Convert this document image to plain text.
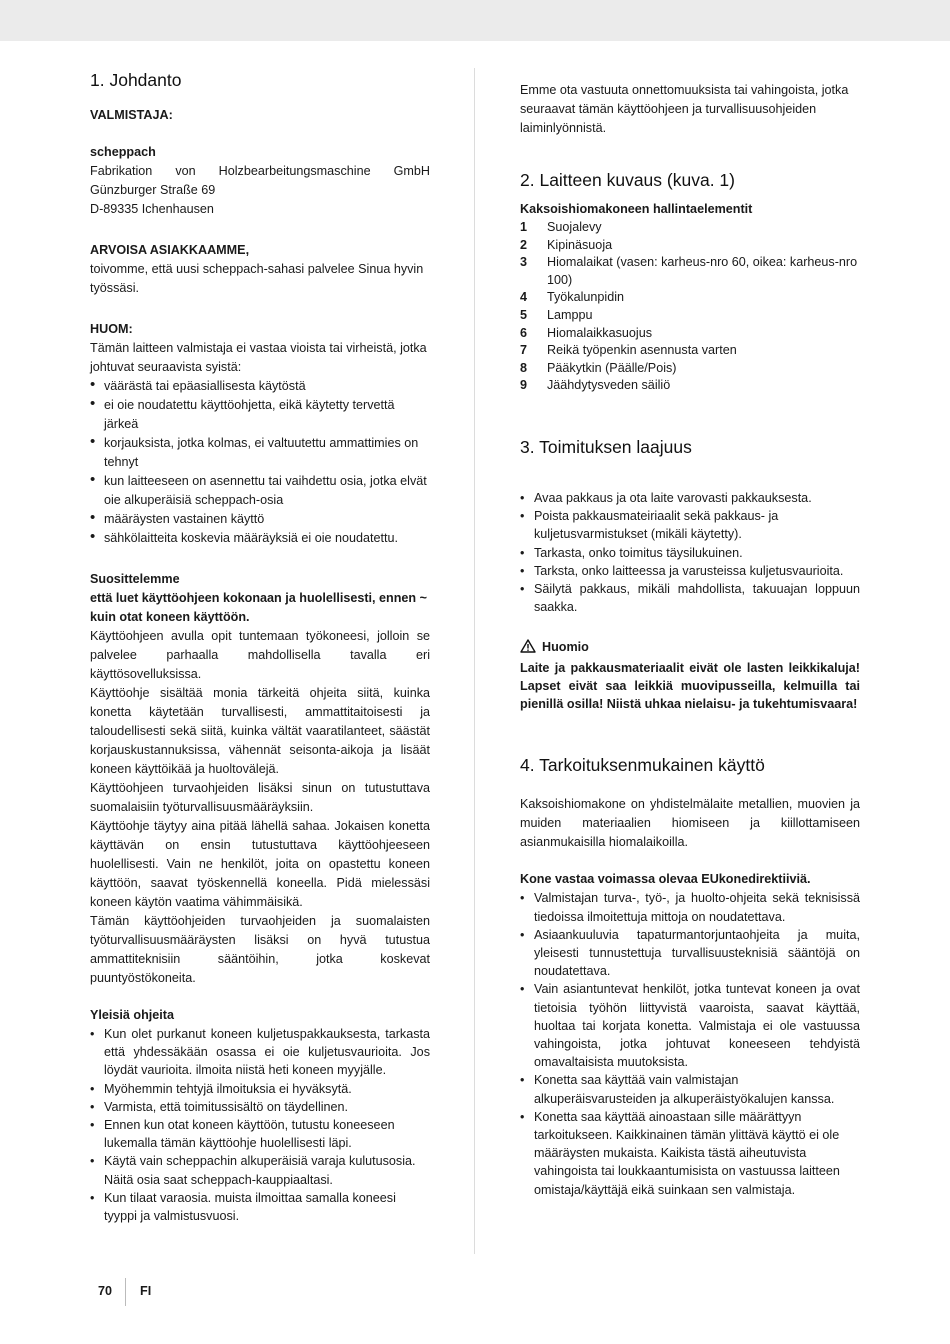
1. Johdanto

VALMISTAJA:

scheppach

Fabrikation von Holzbearbeitungsmaschine GmbH

Günzburger Straße 69

D-89335 Ichenhausen

ARVOISA ASIAKKAAMME,

toivomme, että uusi scheppach-sahasi palvelee Sinua hyvin työssäsi.

HUOM:

Tämän laitteen valmistaja ei vastaa vioista tai virheistä, jotka johtuvat seuraavista syistä:

• väärästä tai epäasiallisesta käytöstä
• ei oie noudatettu käyttöohjetta, eikä käytetty tervettä järkeä
• korjauksista, jotka kolmas, ei valtuutettu ammattimies on tehnyt
• kun laitteeseen on asennettu tai vaihdettu osia, jotka elvät oie alkuperäisiä scheppach-osia
• määräysten vastainen käyttö
• sähkölaitteita koskevia määräyksiä ei oie noudatettu.

Suosittelemme

että luet käyttöohjeen kokonaan ja huolellisesti, ennen ~ kuin otat koneen käyttöön.

Käyttöohjeen avulla opit tuntemaan työkoneesi, jolloin se palvelee parhaalla mahdollisella tavalla eri käyttösovelluksissa.

Käyttöohje sisältää monia tärkeitä ohjeita siitä, kuinka konetta käytetään turvallisesti, ammattitaitoisesti ja taloudellisesti sekä siitä, kuinka vältät vaaratilanteet, säästät korjauskustannuksissa, vähennät seisonta-aikoja ja lisäät koneen käyttöikää ja huoltovälejä.

Käyttöohjeen turvaohjeiden lisäksi sinun on tutustuttava suomalaisiin työturvallisuusmääräyksiin.

Käyttöohje täytyy aina pitää lähellä sahaa. Jokaisen konetta käyttävän on ensin tutustuttava käyttöohjeeseen huolellisesti. Vain ne henkilöt, joita on opastettu koneen käyttöön, saavat työskennellä koneella. Pidä mielessäsi koneen käytön vaatima vähimmäisikä.

Tämän käyttöohjeiden turvaohjeiden ja suomalaisten työturvallisuusmääräysten lisäksi on hyvä tutustua ammattiteknisiin sääntöihin, jotka koskevat puuntyöstökoneita.

Yleisiä ohjeita

• Kun olet purkanut koneen kuljetuspakkauksesta, tarkasta että yhdessäkään osassa ei oie kuljetusvaurioita. Jos löydät vaurioita. ilmoita niistä heti koneen myyjälle.
• Myöhemmin tehtyjä ilmoituksia ei hyväksytä.
• Varmista, että toimitussisältö on täydellinen.
• Ennen kun otat koneen käyttöön, tutustu koneeseen lukemalla tämän käyttöohje huolellisesti läpi.
• Käytä vain scheppachin alkuperäisiä varaja kulutusosia. Näitä osia saat scheppach-kauppiaaltasi.
• Kun tilaat varaosia. muista ilmoittaa samalla koneesi tyyppi ja valmistusvuosi.

Emme ota vastuuta onnettomuuksista tai vahingoista, jotka seuraavat tämän käyttöohjeen ja turvallisuusohjeiden laiminlyönnistä.

2. Laitteen kuvaus (kuva. 1)

Kaksoishiomakoneen hallintaelementit

1 Suojalevy
2 Kipinäsuoja
3 Hiomalaikat (vasen: karheus-nro 60, oikea: karheus-nro 100)
4 Työkalunpidin
5 Lamppu
6 Hiomalaikkasuojus
7 Reikä työpenkin asennusta varten
8 Pääkytkin (Päälle/Pois)
9 Jäähdytysveden säiliö
3. Toimituksen laajuus
• Avaa pakkaus ja ota laite varovasti pakkauksesta.
• Poista pakkausmateiriaalit sekä pakkaus- ja kuljetusvarmistukset (mikäli käytetty).
• Tarkasta, onko toimitus täysilukuinen.
• Tarksta, onko laitteessa ja varusteissa kuljetusvaurioita.
• Säilytä pakkaus, mikäli mahdollista, takuuajan loppuun saakka.

Huomio

Laite ja pakkausmateriaalit eivät ole lasten leikkikaluja! Lapset eivät saa leikkiä muovipusseilla, kelmuilla tai pienillä osilla! Niistä uhkaa nielaisu- ja tukehtumisvaara!

4. Tarkoituksenmukainen käyttö

Kaksoishiomakone on yhdistelmälaite metallien, muovien ja muiden materiaalien hiomiseen ja kiillottamiseen asianmukaisilla hiomalaikoilla.

Kone vastaa voimassa olevaa EUkonedirektiiviä.

• Valmistajan turva-, työ-, ja huolto-ohjeita sekä teknisissä tiedoissa ilmoitettuja mittoja on noudatettava.
• Asiaankuuluvia tapaturmantorjuntaohjeita ja muita, yleisesti tunnustettuja turvallisuusteknisiä sääntöjä on noudatettava.
• Vain asiantuntevat henkilöt, jotka tuntevat koneen ja ovat tietoisia työhön liittyvistä vaaroista, saavat käyttää, huoltaa tai korjata konetta. Valmistaja ei ole vastuussa vahingoista, jotka johtuvat koneeseen tehdyistä omavaltaisista muutoksista.
• Konetta saa käyttää vain valmistajan alkuperäisvarusteiden ja alkuperäistyökalujen kanssa.
• Konetta saa käyttää ainoastaan sille määrättyyn tarkoitukseen. Kaikkinainen tämän ylittävä käyttö ei ole määräysten mukaista. Kaikista tästä aiheutuvista vahingoista tai loukkaantumisista on vastuussa laitteen omistaja/käyttäjä eikä suinkaan sen valmistaja.
70 FI
